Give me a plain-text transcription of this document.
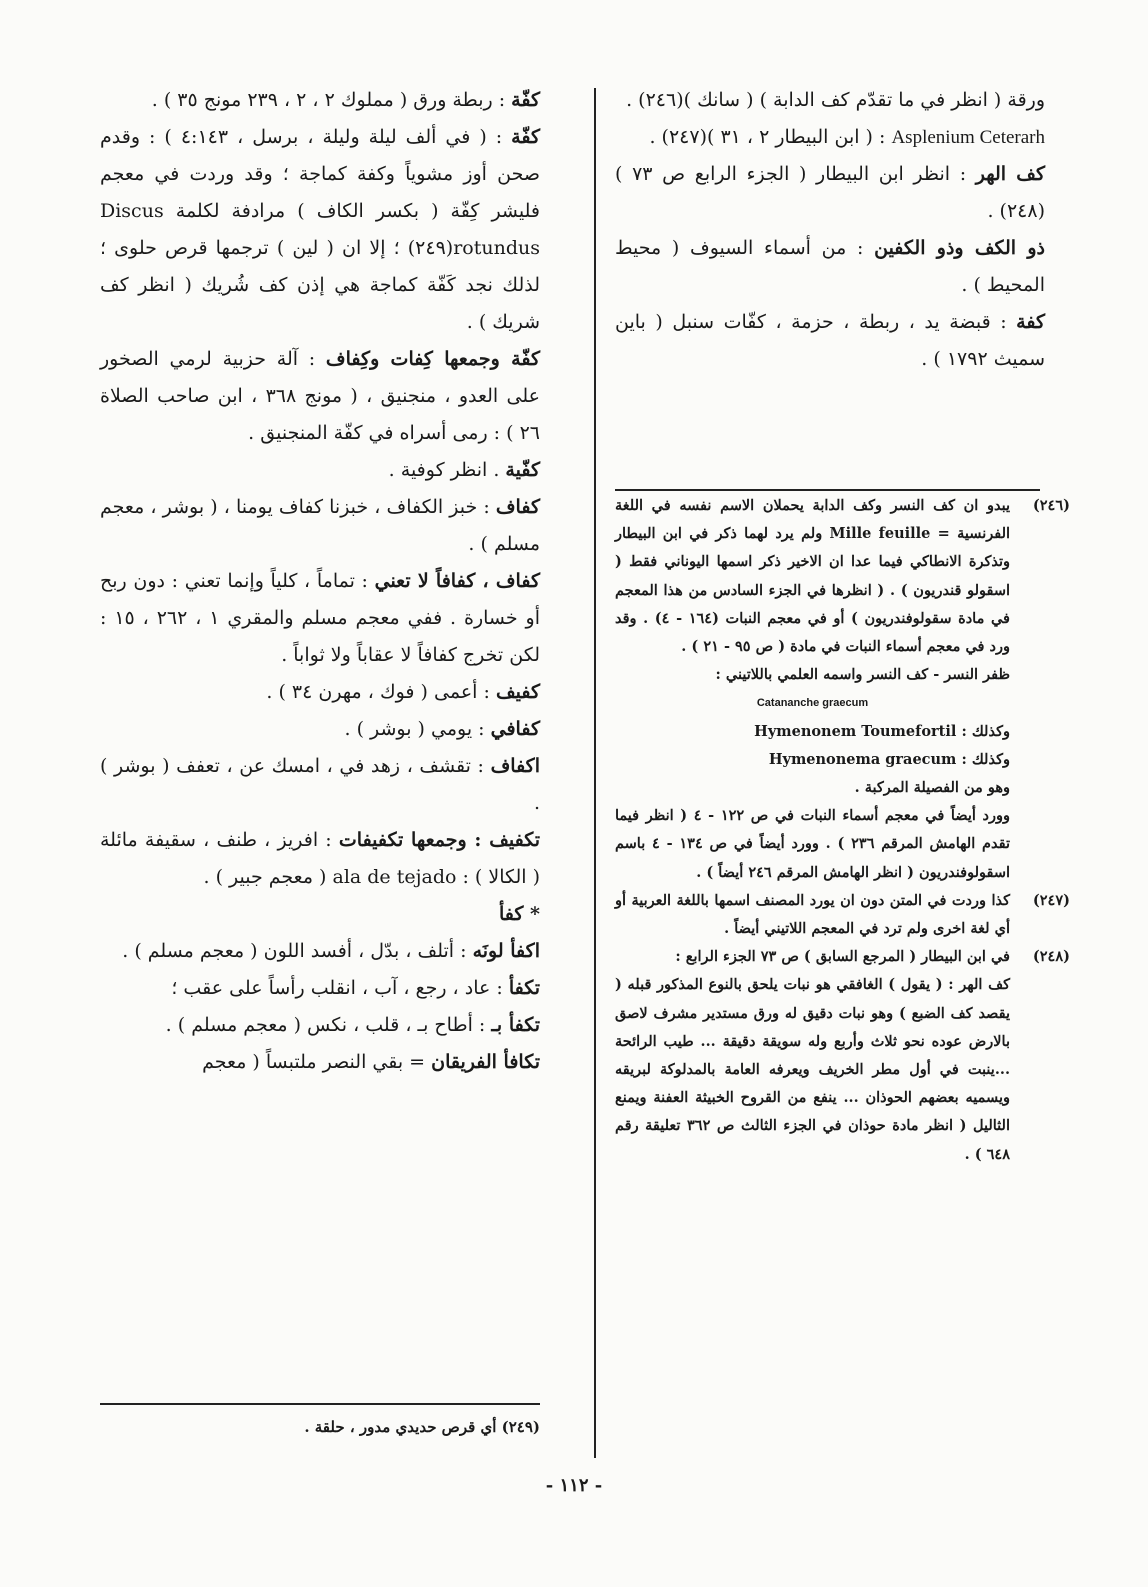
ورقة ( انظر في ما تقدّم كف الدابة ) ( سانك )(٢٤٦) .

Asplenium Ceterarh : ( ابن البيطار ٢ ، ٣١ )(٢٤٧) .

كف الهر : انظر ابن البيطار ( الجزء الرابع ص ٧٣ )(٢٤٨) .

ذو الكف وذو الكفين : من أسماء السيوف ( محيط المحيط ) .

كفة : قبضة يد ، ربطة ، حزمة ، كفّات سنبل ( باين سميث ١٧٩٢ ) .

(٢٤٦)
يبدو ان كف النسر وكف الدابة يحملان الاسم نفسه في اللغة الفرنسية = Mille feuille ولم يرد لهما ذكر في ابن البيطار وتذكرة الانطاكي فيما عدا ان الاخير ذكر اسمها اليوناني فقط ( اسقولو قندريون ) . ( انظرها في الجزء السادس من هذا المعجم في مادة سقولوفندريون ) أو في معجم النبات (١٦٤ - ٤) . وقد ورد في معجم أسماء النبات في مادة ( ص ٩٥ - ٢١ ) .

ظفر النسر - كف النسر واسمه العلمي باللاتيني :

Catananche graecum

وكذلك : Hymenonem Toumefortil

وكذلك : Hymenonema graecum

وهو من الفصيلة المركبة .

وورد أيضاً في معجم أسماء النبات في ص ١٢٢ - ٤ ( انظر فيما تقدم الهامش المرقم ٢٣٦ ) . وورد أيضاً في ص ١٣٤ - ٤ باسم اسقولوفندريون ( انظر الهامش المرقم ٢٤٦ أيضاً ) .

(٢٤٧)
كذا وردت في المتن دون ان يورد المصنف اسمها باللغة العربية أو أي لغة اخرى ولم ترد في المعجم اللاتيني أيضاً .
(٢٤٨)
في ابن البيطار ( المرجع السابق ) ص ٧٣ الجزء الرابع :

كف الهر : ( يقول ) الغافقي هو نبات يلحق بالنوع المذكور قبله ( يقصد كف الضبع ) وهو نبات دقيق له ورق مستدير مشرف لاصق بالارض عوده نحو ثلاث وأربع وله سويقة دقيقة ... طيب الرائحة ...ينبت في أول مطر الخريف ويعرفه العامة بالمدلوكة لبريقه ويسميه بعضهم الحوذان ... ينفع من القروح الخبيثة العفنة ويمنع الثاليل ( انظر مادة حوذان في الجزء الثالث ص ٣٦٢ تعليقة رقم ٦٤٨ ) .

كفّة : ربطة ورق ( مملوك ٢ ، ٢ ، ٢٣٩ مونج ٣٥ ) .

كفّة : ( في ألف ليلة وليلة ، برسل ، ٤:١٤٣ ) : وقدم صحن أوز مشوياً وكفة كماجة ؛ وقد وردت في معجم فليشر كِفّة ( بكسر الكاف ) مرادفة لكلمة Discus rotundus(٢٤٩) ؛ إلا ان ( لين ) ترجمها قرص حلوى ؛ لذلك نجد كَفّة كماجة هي إذن كف شُريك ( انظر كف شريك ) .

كفّة وجمعها كِفات وكِفاف : آلة حزبية لرمي الصخور على العدو ، منجنيق ، ( مونج ٣٦٨ ، ابن صاحب الصلاة ٢٦ ) : رمى أسراه في كفّة المنجنيق .

كفّية . انظر كوفية .

كفاف : خبز الكفاف ، خبزنا كفاف يومنا ، ( بوشر ، معجم مسلم ) .

كفاف ، كفافاً لا تعني : تماماً ، كلياً وإنما تعني : دون ربح أو خسارة . ففي معجم مسلم والمقري ١ ، ٢٦٢ ، ١٥ : لكن تخرج كفافاً لا عقاباً ولا ثواباً .

كفيف : أعمى ( فوك ، مهرن ٣٤ ) .

كفافي : يومي ( بوشر ) .

اكفاف : تقشف ، زهد في ، امسك عن ، تعفف ( بوشر ) .

تكفيف : وجمعها تكفيفات : افريز ، طنف ، سقيفة مائلة ( الكالا ) : ala de tejado ( معجم جبير ) .

* كفأ

اكفأ لونَه : أتلف ، بدّل ، أفسد اللون ( معجم مسلم ) .

تكفأ : عاد ، رجع ، آب ، انقلب رأساً على عقب ؛

تكفأ بـ : أطاح بـ ، قلب ، نكس ( معجم مسلم ) .

تكافأ الفريقان = بقي النصر ملتبساً ( معجم

(٢٤٩) أي قرص حديدي مدور ، حلقة .
- ١١٢ -
